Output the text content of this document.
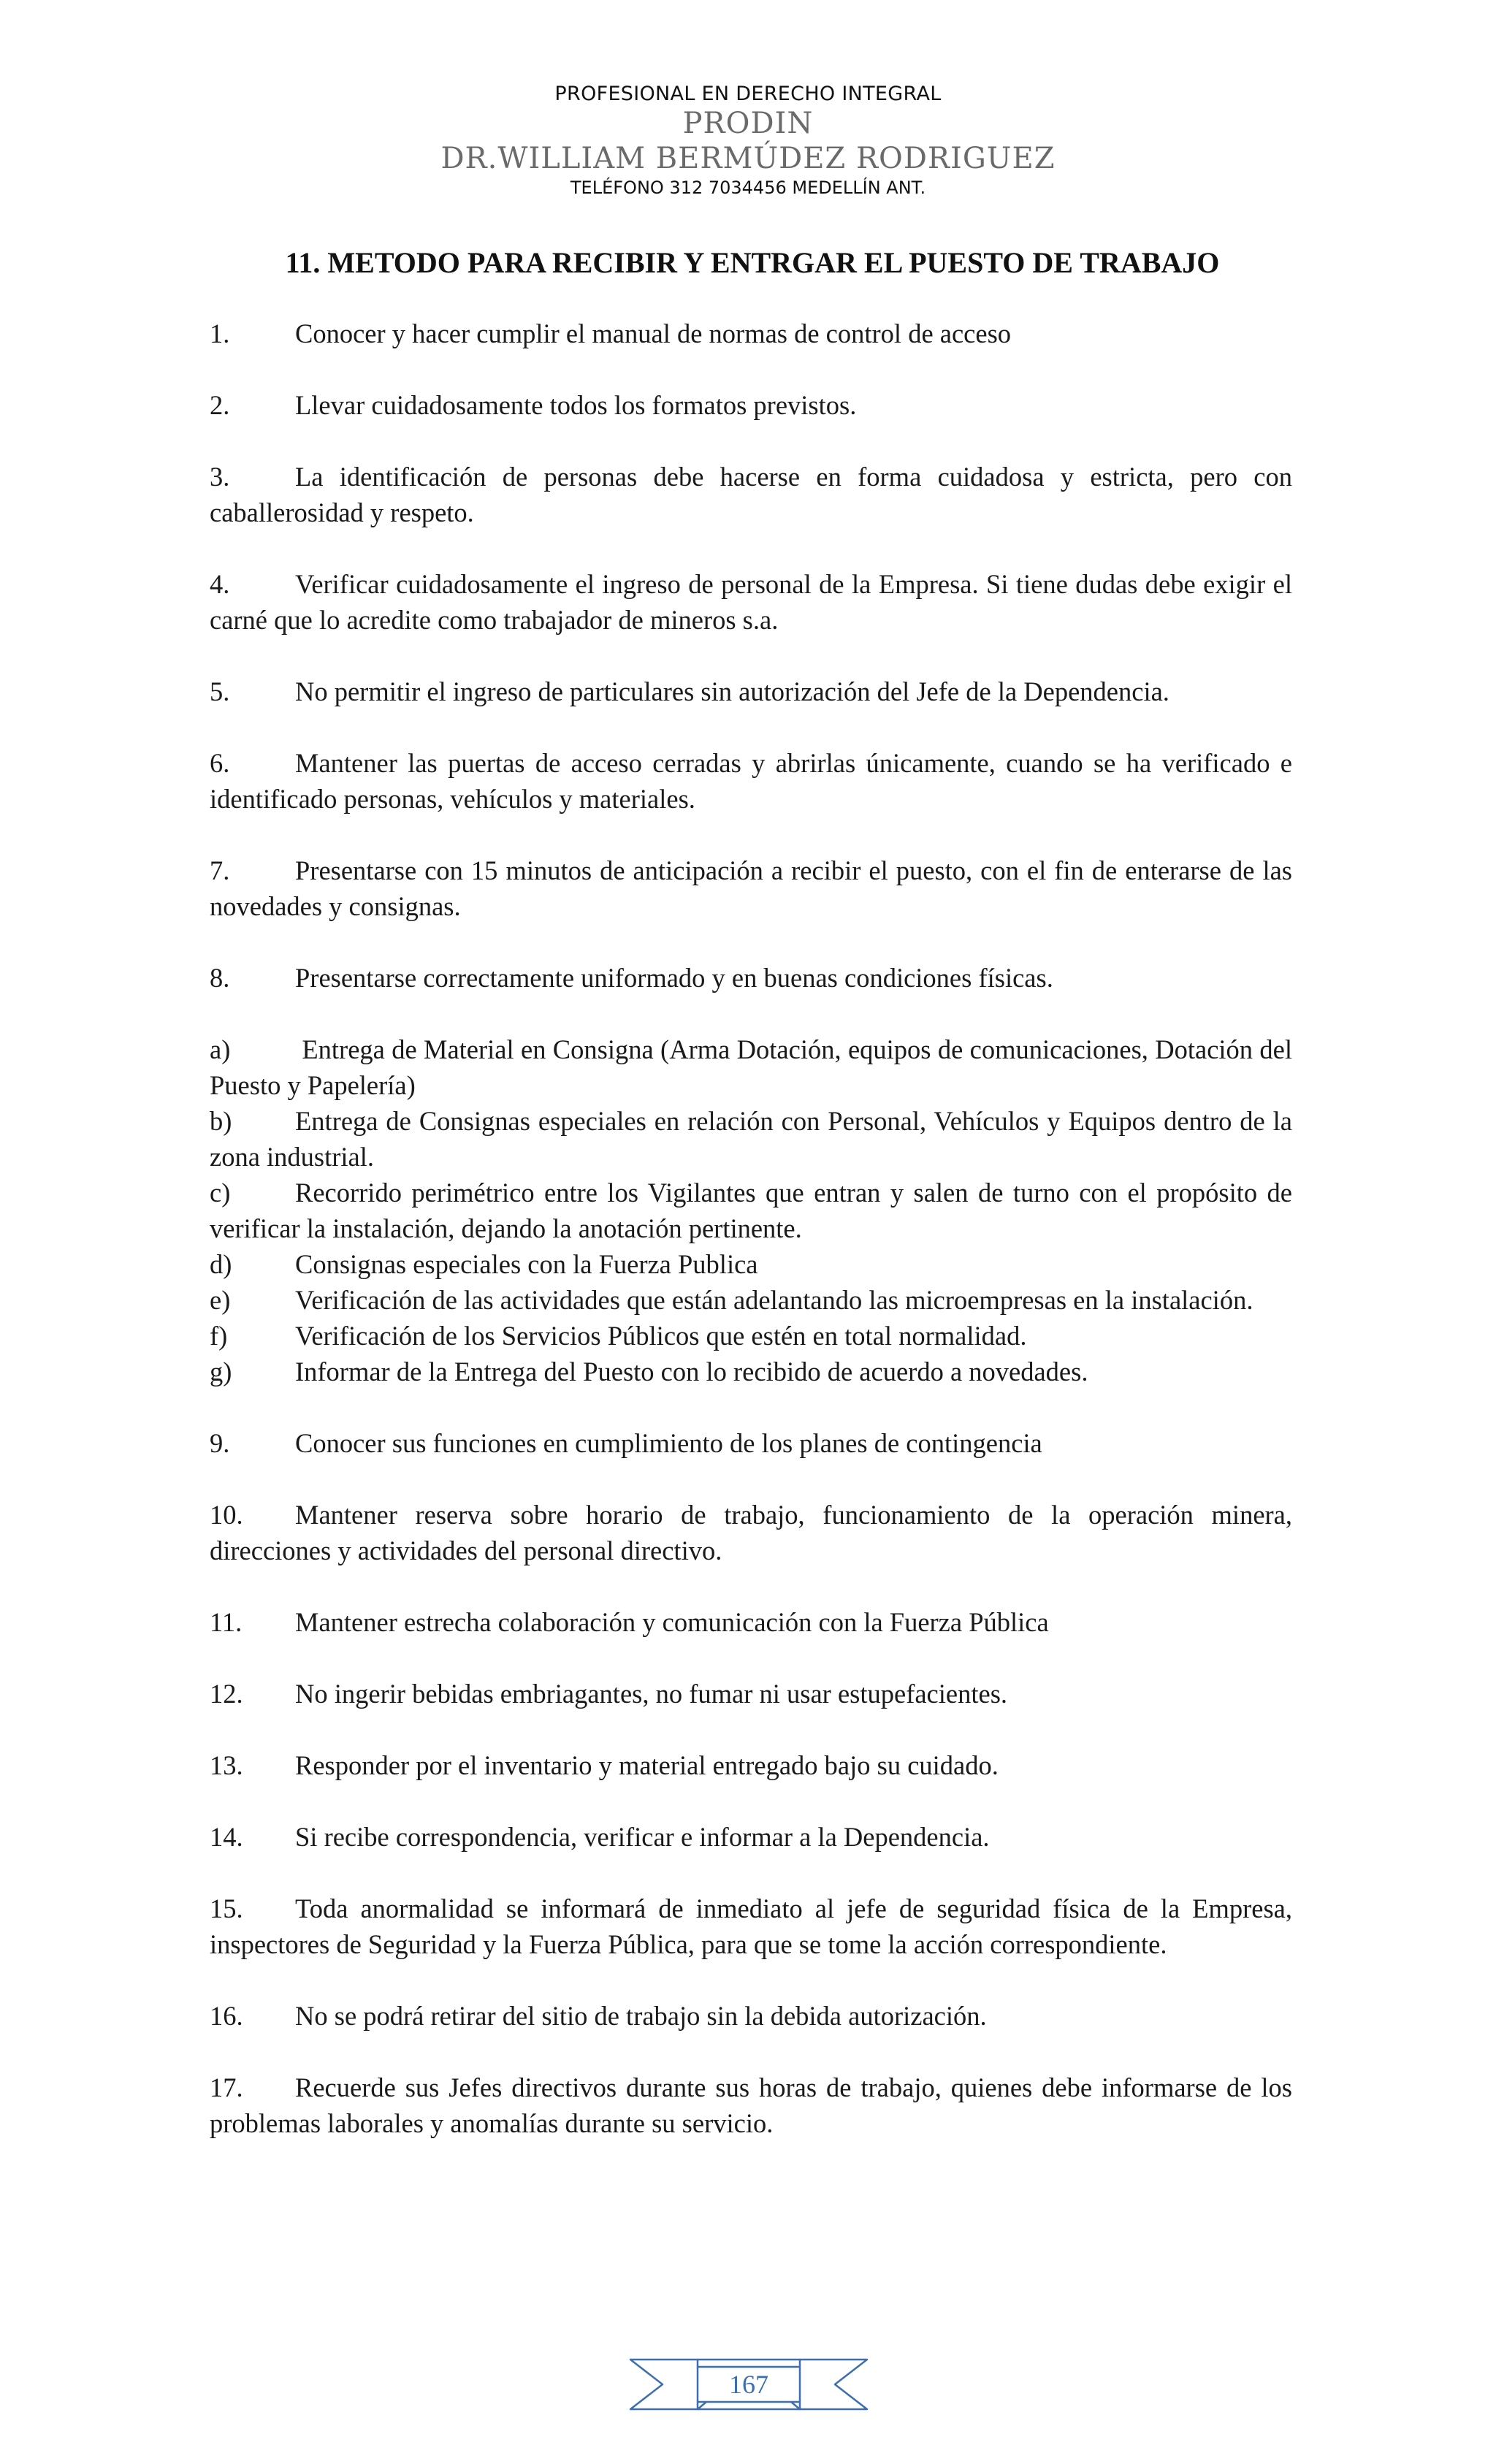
PROFESIONAL EN DERECHO INTEGRAL
PRODIN
DR.WILLIAM BERMÚDEZ RODRIGUEZ
TELÉFONO 312 7034456 MEDELLÍN ANT.
11. METODO PARA RECIBIR Y ENTRGAR EL PUESTO DE TRABAJO
1. Conocer y hacer cumplir el manual de normas de control de acceso
2. Llevar cuidadosamente todos los formatos previstos.
3. La identificación de personas debe hacerse en forma cuidadosa y estricta, pero con caballerosidad y respeto.
4. Verificar cuidadosamente el ingreso de personal de la Empresa. Si tiene dudas debe exigir el carné que lo acredite como trabajador de mineros s.a.
5. No permitir el ingreso de particulares sin autorización del Jefe de la Dependencia.
6. Mantener las puertas de acceso cerradas y abrirlas únicamente, cuando se ha verificado e identificado personas, vehículos y materiales.
7. Presentarse con 15 minutos de anticipación a recibir el puesto, con el fin de enterarse de las novedades y consignas.
8. Presentarse correctamente uniformado y en buenas condiciones físicas.
a) Entrega de Material en Consigna (Arma Dotación, equipos de comunicaciones, Dotación del Puesto y Papelería)
b) Entrega de Consignas especiales en relación con Personal, Vehículos y Equipos dentro de la zona industrial.
c) Recorrido perimétrico entre los Vigilantes que entran y salen de turno con el propósito de verificar la instalación, dejando la anotación pertinente.
d) Consignas especiales con la Fuerza Publica
e) Verificación de las actividades que están adelantando las microempresas en la instalación.
f)	Verificación de los Servicios Públicos que estén en total normalidad.
g) Informar de la Entrega del Puesto con lo recibido de acuerdo a novedades.
9. Conocer sus funciones en cumplimiento de los planes de contingencia
10. Mantener reserva sobre horario de trabajo, funcionamiento de la operación minera, direcciones y actividades del personal directivo.
11. Mantener estrecha colaboración y comunicación con la Fuerza Pública
12. No ingerir bebidas embriagantes, no fumar ni usar estupefacientes.
13. Responder por el inventario y material entregado bajo su cuidado.
14. Si recibe correspondencia, verificar e informar a la Dependencia.
15. Toda anormalidad se informará de inmediato al jefe de seguridad física de la Empresa, inspectores de Seguridad y la Fuerza Pública, para que se tome la acción correspondiente.
16. No se podrá retirar del sitio de trabajo sin la debida autorización.
17. Recuerde sus Jefes directivos durante sus horas de trabajo, quienes debe informarse de los problemas laborales y anomalías durante su servicio.
167
